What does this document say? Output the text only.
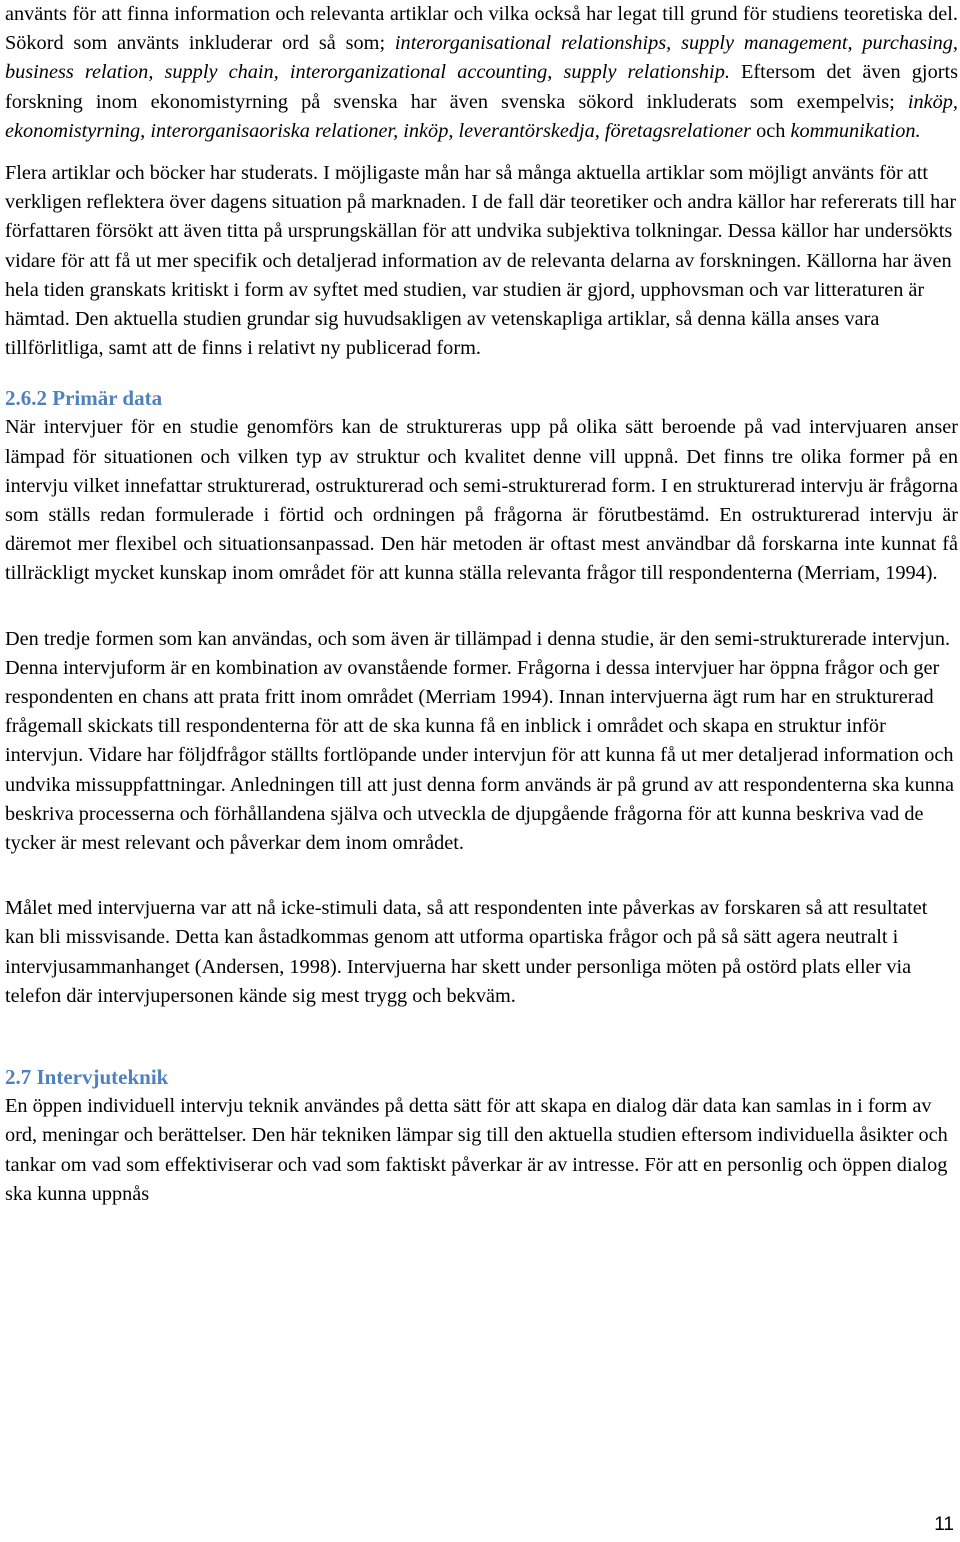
använts för att finna information och relevanta artiklar och vilka också har legat till grund för studiens teoretiska del. Sökord som använts inkluderar ord så som; interorganisational relationships, supply management, purchasing, business relation, supply chain, interorganizational accounting, supply relationship. Eftersom det även gjorts forskning inom ekonomistyrning på svenska har även svenska sökord inkluderats som exempelvis; inköp, ekonomistyrning, interorganisaoriska relationer, inköp, leverantörskedja, företagsrelationer och kommunikation.

Flera artiklar och böcker har studerats. I möjligaste mån har så många aktuella artiklar som möjligt använts för att verkligen reflektera över dagens situation på marknaden. I de fall där teoretiker och andra källor har refererats till har författaren försökt att även titta på ursprungskällan för att undvika subjektiva tolkningar. Dessa källor har undersökts vidare för att få ut mer specifik och detaljerad information av de relevanta delarna av forskningen. Källorna har även hela tiden granskats kritiskt i form av syftet med studien, var studien är gjord, upphovsman och var litteraturen är hämtad. Den aktuella studien grundar sig huvudsakligen av vetenskapliga artiklar, så denna källa anses vara tillförlitliga, samt att de finns i relativt ny publicerad form.

2.6.2 Primär data

När intervjuer för en studie genomförs kan de struktureras upp på olika sätt beroende på vad intervjuaren anser lämpad för situationen och vilken typ av struktur och kvalitet denne vill uppnå. Det finns tre olika former på en intervju vilket innefattar strukturerad, ostrukturerad och semi-strukturerad form. I en strukturerad intervju är frågorna som ställs redan formulerade i förtid och ordningen på frågorna är förutbestämd. En ostrukturerad intervju är däremot mer flexibel och situationsanpassad. Den här metoden är oftast mest användbar då forskarna inte kunnat få tillräckligt mycket kunskap inom området för att kunna ställa relevanta frågor till respondenterna (Merriam, 1994).

Den tredje formen som kan användas, och som även är tillämpad i denna studie, är den semi-strukturerade intervjun. Denna intervjuform är en kombination av ovanstående former. Frågorna i dessa intervjuer har öppna frågor och ger respondenten en chans att prata fritt inom området (Merriam 1994). Innan intervjuerna ägt rum har en strukturerad frågemall skickats till respondenterna för att de ska kunna få en inblick i området och skapa en struktur inför intervjun. Vidare har följdfrågor ställts fortlöpande under intervjun för att kunna få ut mer detaljerad information och undvika missuppfattningar. Anledningen till att just denna form används är på grund av att respondenterna ska kunna beskriva processerna och förhållandena själva och utveckla de djupgående frågorna för att kunna beskriva vad de tycker är mest relevant och påverkar dem inom området.

Målet med intervjuerna var att nå icke-stimuli data, så att respondenten inte påverkas av forskaren så att resultatet kan bli missvisande. Detta kan åstadkommas genom att utforma opartiska frågor och på så sätt agera neutralt i intervjusammanhanget (Andersen, 1998). Intervjuerna har skett under personliga möten på ostörd plats eller via telefon där intervjupersonen kände sig mest trygg och bekväm.

2.7 Intervjuteknik

En öppen individuell intervju teknik användes på detta sätt för att skapa en dialog där data kan samlas in i form av ord, meningar och berättelser. Den här tekniken lämpar sig till den aktuella studien eftersom individuella åsikter och tankar om vad som effektiviserar och vad som faktiskt påverkar är av intresse. För att en personlig och öppen dialog ska kunna uppnås

11
